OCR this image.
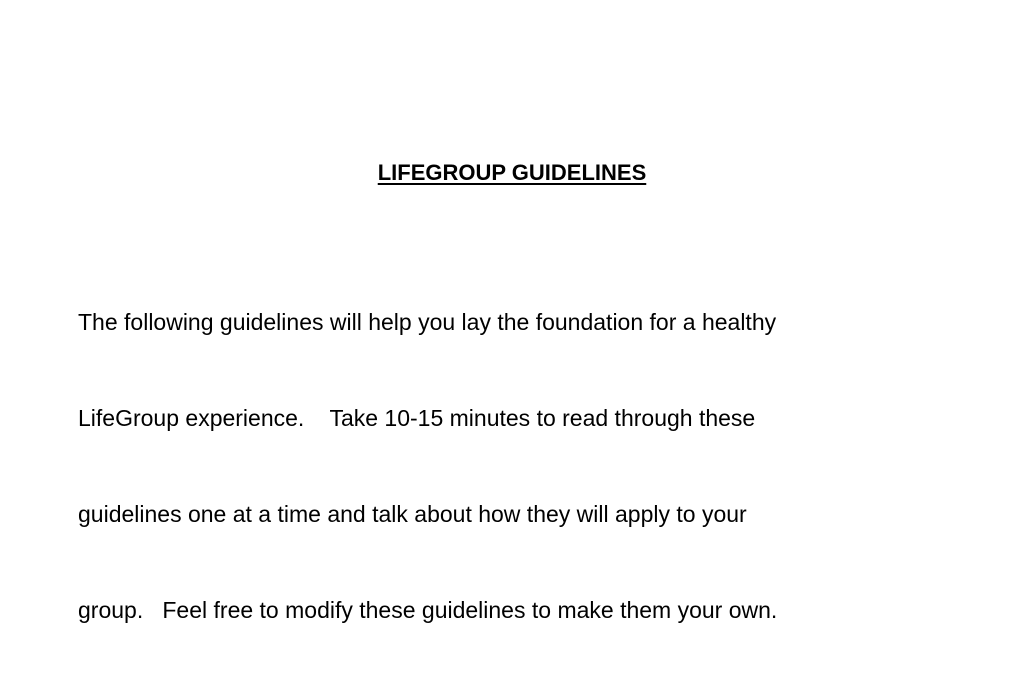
LIFEGROUP GUIDELINES

The following guidelines will help you lay the foundation for a healthy

LifeGroup experience.    Take 10-15 minutes to read through these

guidelines one at a time and talk about how they will apply to your

group.   Feel free to modify these guidelines to make them your own.
